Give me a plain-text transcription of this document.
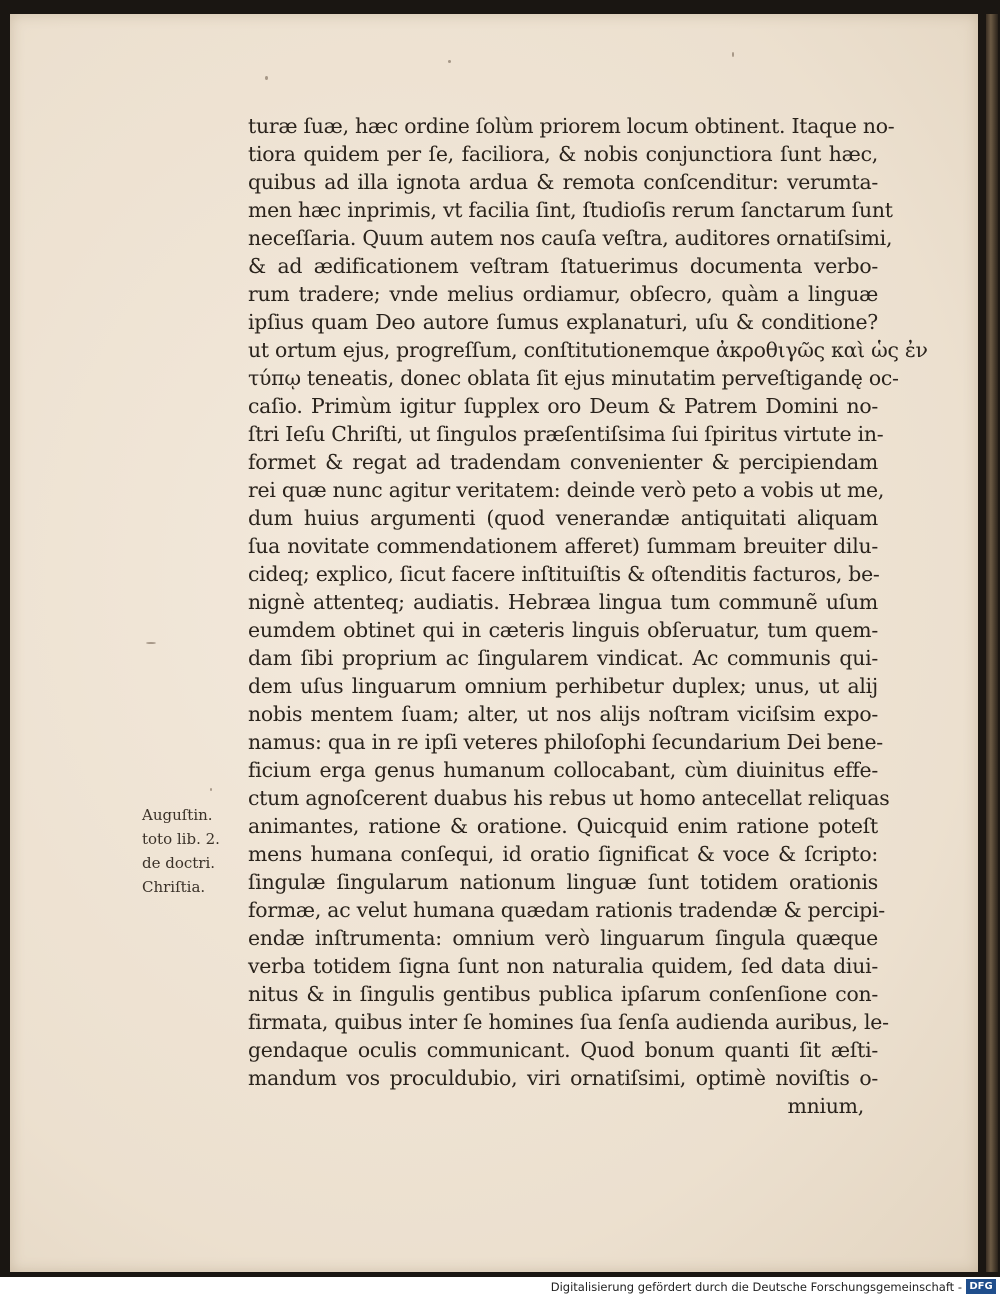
turæ ſuæ, hæc ordine ſolùm priorem locum obtinent. Itaque no-
tiora quidem per ſe, faciliora, & nobis conjunctiora ſunt hæc,
quibus ad illa ignota ardua & remota conſcenditur: verumta-
men hæc inprimis, vt facilia ſint, ſtudioſis rerum ſanctarum ſunt
neceſſaria. Quum autem nos cauſa veſtra, auditores ornatiſsimi,
& ad ædificationem veſtram ſtatuerimus documenta verbo-
rum tradere; vnde melius ordiamur, obſecro, quàm a linguæ
ipſius quam Deo autore ſumus explanaturi, uſu & conditione?
ut ortum ejus, progreſſum, conſtitutionemque ἀκροθιγῶς καὶ ὡς ἐν
τύπῳ teneatis, donec oblata ſit ejus minutatim perveſtigandę oc-
caſio. Primùm igitur ſupplex oro Deum & Patrem Domini no-
ſtri Ieſu Chriſti, ut ſingulos præſentiſsima ſui ſpiritus virtute in-
formet & regat ad tradendam convenienter & percipiendam
rei quæ nunc agitur veritatem: deinde verò peto a vobis ut me,
dum huius argumenti (quod venerandæ antiquitati aliquam
ſua novitate commendationem afferet) ſummam breuiter dilu-
cideq; explico, ſicut facere inſtituiſtis & oſtenditis facturos, be-
nignè attenteq; audiatis. Hebræa lingua tum communẽ uſum
eumdem obtinet qui in cæteris linguis obſeruatur, tum quem-
dam ſibi proprium ac ſingularem vindicat. Ac communis qui-
dem uſus linguarum omnium perhibetur duplex; unus, ut alij
nobis mentem ſuam; alter, ut nos alijs noſtram viciſsim expo-
namus: qua in re ipſi veteres philoſophi ſecundarium Dei bene-
ficium erga genus humanum collocabant, cùm diuinitus effe-
ctum agnoſcerent duabus his rebus ut homo antecellat reliquas
animantes, ratione & oratione. Quicquid enim ratione poteſt
mens humana conſequi, id oratio ſignificat & voce & ſcripto:
ſingulæ ſingularum nationum linguæ ſunt totidem orationis
formæ, ac velut humana quædam rationis tradendæ & percipi-
endæ inſtrumenta: omnium verò linguarum ſingula quæque
verba totidem ſigna ſunt non naturalia quidem, ſed data diui-
nitus & in ſingulis gentibus publica ipſarum conſenſione con-
firmata, quibus inter ſe homines ſua ſenſa audienda auribus, le-
gendaque oculis communicant. Quod bonum quanti ſit æſti-
mandum vos proculdubio, viri ornatiſsimi, optimè noviſtis o-
mnium,
Auguſtin.
toto lib. 2.
de doctri.
Chriſtia.
Digitalisierung gefördert durch die Deutsche Forschungsgemeinschaft - DFG
